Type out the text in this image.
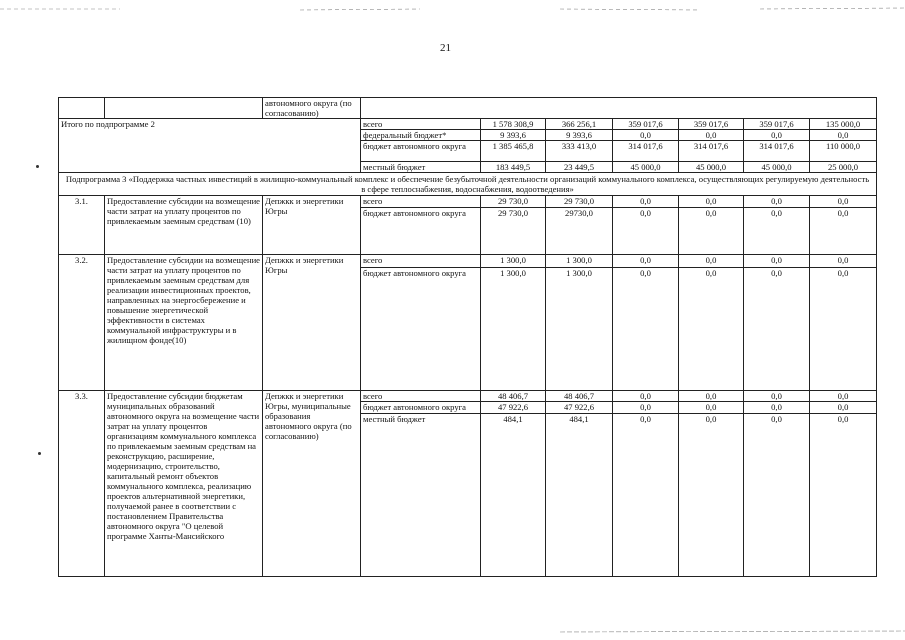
21
		автономного округа (по согласованию)							
Итого по подпрограмме 2			всего	1 578 308,9	366 256,1	359 017,6	359 017,6	359 017,6	135 000,0
			федеральный бюджет*	9 393,6	9 393,6	0,0	0,0	0,0	0,0
			бюджет автономного округа	1 385 465,8	333 413,0	314 017,6	314 017,6	314 017,6	110 000,0
			местный бюджет	183 449,5	23 449,5	45 000,0	45 000,0	45 000,0	25 000,0
Подпрограмма 3 «Поддержка частных инвестиций в жилищно-коммунальный комплекс и обеспечение безубыточной деятельности организаций коммунального комплекса, осуществляющих регулируемую деятельность в сфере теплоснабжения, водоснабжения, водоотведения»									
3.1.	Предоставление субсидии на возмещение части затрат на уплату процентов по привлекаемым заемным средствам (10)	Депжкк и энергетики Югры	всего	29 730,0	29 730,0	0,0	0,0	0,0	0,0
			бюджет автономного округа	29 730,0	29730,0	0,0	0,0	0,0	0,0
3.2.	Предоставление субсидии на возмещение части затрат на уплату процентов по привлекаемым заемным средствам для реализации инвестиционных проектов, направленных на энергосбережение и повышение энергетической эффективности в системах коммунальной инфраструктуры и в жилищном фонде(10)	Депжкк и энергетики Югры	всего	1 300,0	1 300,0	0,0	0,0	0,0	0,0
			бюджет автономного округа	1 300,0	1 300,0	0,0	0,0	0,0	0,0
3.3.	Предоставление субсидии бюджетам муниципальных образований автономного округа на возмещение части затрат на уплату процентов организациям коммунального комплекса по привлекаемым заемным средствам на реконструкцию, расширение, модернизацию, строительство, капитальный ремонт объектов коммунального комплекса, реализацию проектов альтернативной энергетики, получаемой ранее в соответствии с постановлением Правительства автономного округа "О целевой программе Ханты-Мансийского	Депжкк и энергетики Югры, муниципальные образования автономного округа (по согласованию)	всего	48 406,7	48 406,7	0,0	0,0	0,0	0,0
			бюджет автономного округа	47 922,6	47 922,6	0,0	0,0	0,0	0,0
			местный бюджет	484,1	484,1	0,0	0,0	0,0	0,0
